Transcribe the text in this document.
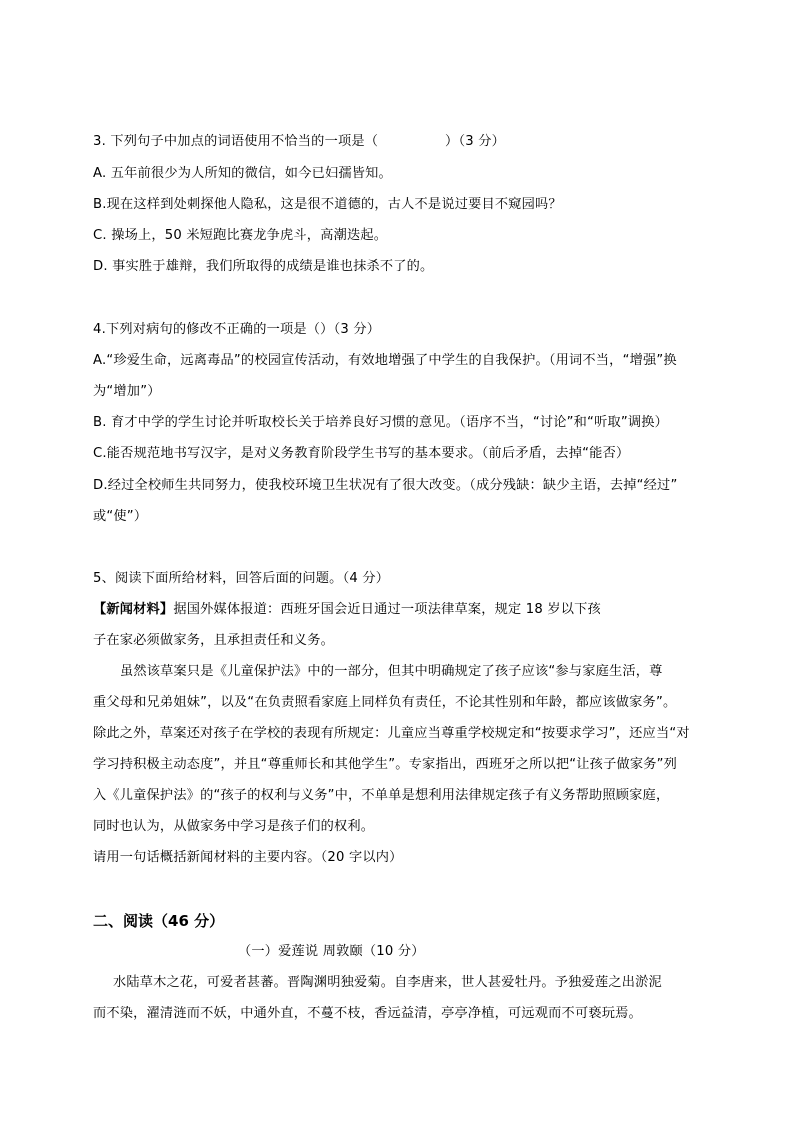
3. 下列句子中加点的词语使用不恰当的一项是（　　　　　）（3 分）
A. 五年前很少为人所知的微信，如今已妇孺皆知。
B.现在这样到处刺探他人隐私，这是很不道德的，古人不是说过要目不窥园吗？
C. 操场上，50 米短跑比赛龙争虎斗，高潮迭起。
D. 事实胜于雄辩，我们所取得的成绩是谁也抹杀不了的。
4.下列对病句的修改不正确的一项是（）（3 分）
A.“珍爱生命，远离毒品”的校园宣传活动，有效地增强了中学生的自我保护。（用词不当，“增强”换
为“增加”）
B. 育才中学的学生讨论并听取校长关于培养良好习惯的意见。（语序不当，“讨论”和“听取”调换）
C.能否规范地书写汉字，是对义务教育阶段学生书写的基本要求。（前后矛盾，去掉“能否）
D.经过全校师生共同努力，使我校环境卫生状况有了很大改变。（成分残缺：缺少主语，去掉“经过”
或“使”）
5、阅读下面所给材料，回答后面的问题。（4 分）
【新闻材料】据国外媒体报道：西班牙国会近日通过一项法律草案，规定 18 岁以下孩
子在家必须做家务，且承担责任和义务。
虽然该草案只是《儿童保护法》中的一部分，但其中明确规定了孩子应该“参与家庭生活，尊
重父母和兄弟姐妹”，以及“在负责照看家庭上同样负有责任，不论其性别和年龄，都应该做家务”。
除此之外，草案还对孩子在学校的表现有所规定：儿童应当尊重学校规定和“按要求学习”，还应当“对
学习持积极主动态度”，并且“尊重师长和其他学生”。专家指出，西班牙之所以把“让孩子做家务”列
入《儿童保护法》的“孩子的权利与义务”中，不单单是想利用法律规定孩子有义务帮助照顾家庭，
同时也认为，从做家务中学习是孩子们的权利。
请用一句话概括新闻材料的主要内容。（20 字以内）
二、阅读（46 分）
（一）爱莲说 周敦颐（10 分）
水陆草木之花，可爱者甚蕃。晋陶渊明独爱菊。自李唐来，世人甚爱牡丹。予独爱莲之出淤泥
而不染，濯清涟而不妖，中通外直，不蔓不枝，香远益清，亭亭净植，可远观而不可亵玩焉。
